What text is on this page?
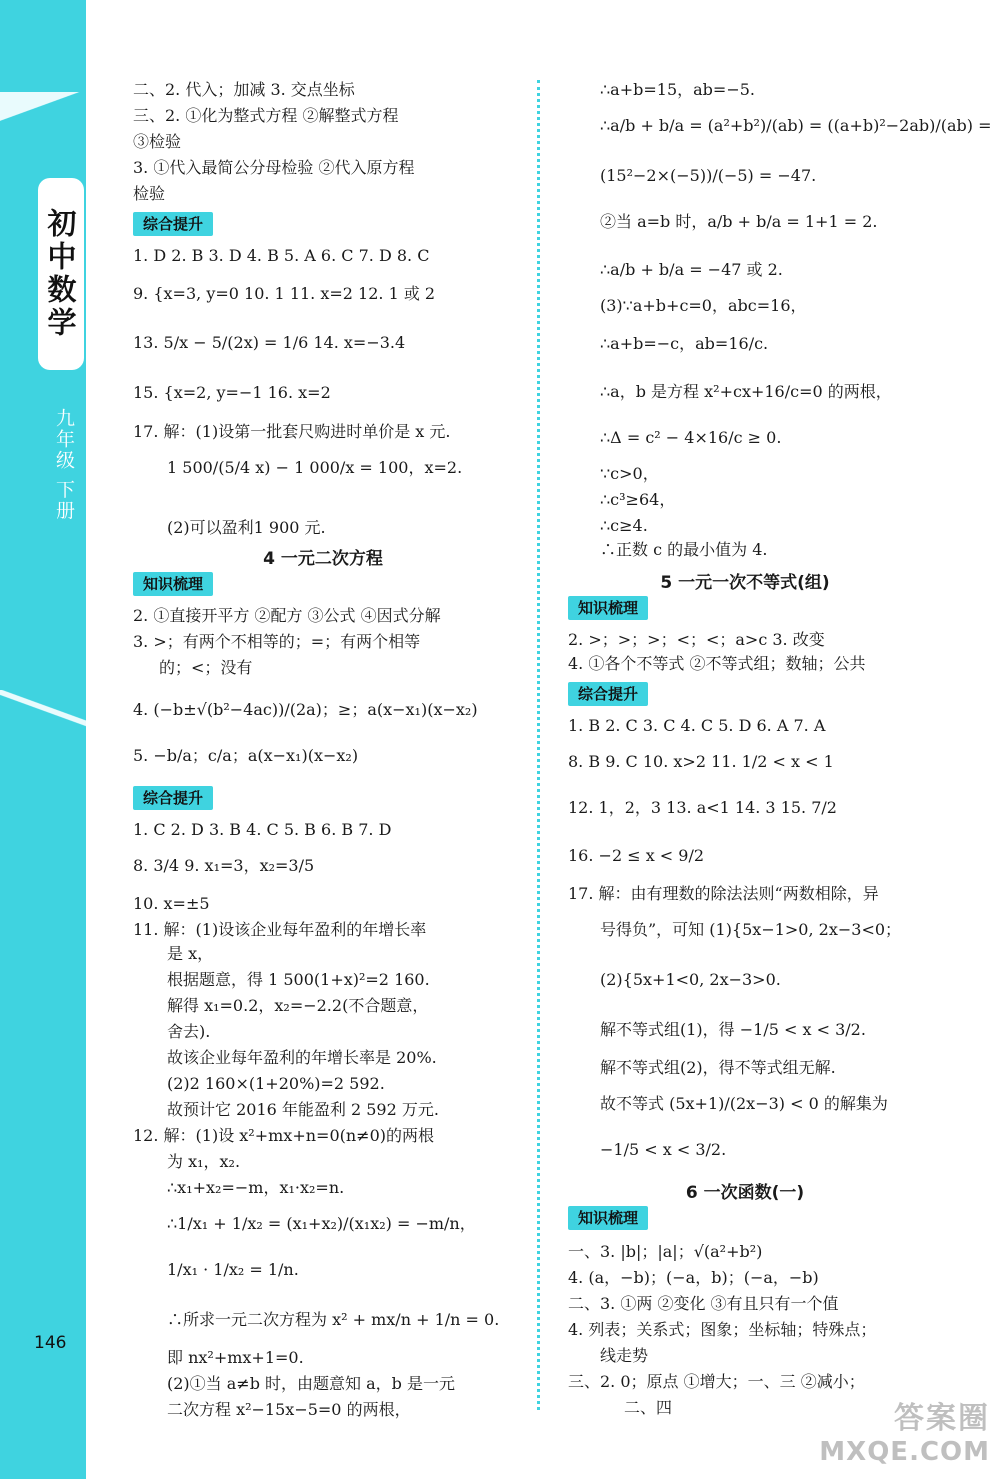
初中数学
九年级 下册
146
二、2. 代入；加减 3. 交点坐标
三、2. ①化为整式方程 ②解整式方程
③检验
3. ①代入最简公分母检验 ②代入原方程
检验
综合提升
1. D 2. B 3. D 4. B 5. A 6. C 7. D 8. C
9. {x=3, y=0 10. 1 11. x=2 12. 1 或 2
13. 5/x − 5/(2x) = 1/6 14. x=−3.4
15. {x=2, y=−1 16. x=2
17. 解：(1)设第一批套尺购进时单价是 x 元.
1 500/(5/4 x) − 1 000/x = 100，x=2.
(2)可以盈利1 900 元.
4 一元二次方程
知识梳理
2. ①直接开平方 ②配方 ③公式 ④因式分解
3. >；有两个不相等的；=；有两个相等
的；<；没有
4. (−b±√(b²−4ac))/(2a)；≥；a(x−x₁)(x−x₂)
5. −b/a；c/a；a(x−x₁)(x−x₂)
综合提升
1. C 2. D 3. B 4. C 5. B 6. B 7. D
8. 3/4 9. x₁=3，x₂=3/5
10. x=±5
11. 解：(1)设该企业每年盈利的年增长率
是 x，
根据题意，得 1 500(1+x)²=2 160.
解得 x₁=0.2，x₂=−2.2(不合题意，
舍去).
故该企业每年盈利的年增长率是 20%.
(2)2 160×(1+20%)=2 592.
故预计它 2016 年能盈利 2 592 万元.
12. 解：(1)设 x²+mx+n=0(n≠0)的两根
为 x₁，x₂.
∴x₁+x₂=−m，x₁·x₂=n.
∴1/x₁ + 1/x₂ = (x₁+x₂)/(x₁x₂) = −m/n，
1/x₁ · 1/x₂ = 1/n.
∴所求一元二次方程为 x² + mx/n + 1/n = 0.
即 nx²+mx+1=0.
(2)①当 a≠b 时，由题意知 a，b 是一元
二次方程 x²−15x−5=0 的两根，
∴a+b=15，ab=−5.
∴a/b + b/a = (a²+b²)/(ab) = ((a+b)²−2ab)/(ab) =
(15²−2×(−5))/(−5) = −47.
②当 a=b 时，a/b + b/a = 1+1 = 2.
∴a/b + b/a = −47 或 2.
(3)∵a+b+c=0，abc=16，
∴a+b=−c，ab=16/c.
∴a，b 是方程 x²+cx+16/c=0 的两根，
∴Δ = c² − 4×16/c ≥ 0.
∵c>0，
∴c³≥64，
∴c≥4.
∴正数 c 的最小值为 4.
5 一元一次不等式(组)
知识梳理
2. >；>；>；<；<；a>c 3. 改变
4. ①各个不等式 ②不等式组；数轴；公共
综合提升
1. B 2. C 3. C 4. C 5. D 6. A 7. A
8. B 9. C 10. x>2 11. 1/2 < x < 1
12. 1，2，3 13. a<1 14. 3 15. 7/2
16. −2 ≤ x < 9/2
17. 解：由有理数的除法法则“两数相除，异
号得负”，可知 (1){5x−1>0, 2x−3<0；
(2){5x+1<0, 2x−3>0.
解不等式组(1)，得 −1/5 < x < 3/2.
解不等式组(2)，得不等式组无解.
故不等式 (5x+1)/(2x−3) < 0 的解集为
−1/5 < x < 3/2.
6 一次函数(一)
知识梳理
一、3. |b|；|a|；√(a²+b²)
4. (a，−b)；(−a，b)；(−a，−b)
二、3. ①两 ②变化 ③有且只有一个值
4. 列表；关系式；图象；坐标轴；特殊点；
线走势
三、2. 0；原点 ①增大；一、三 ②减小；
二、四	答案圈
MXQE.COM
